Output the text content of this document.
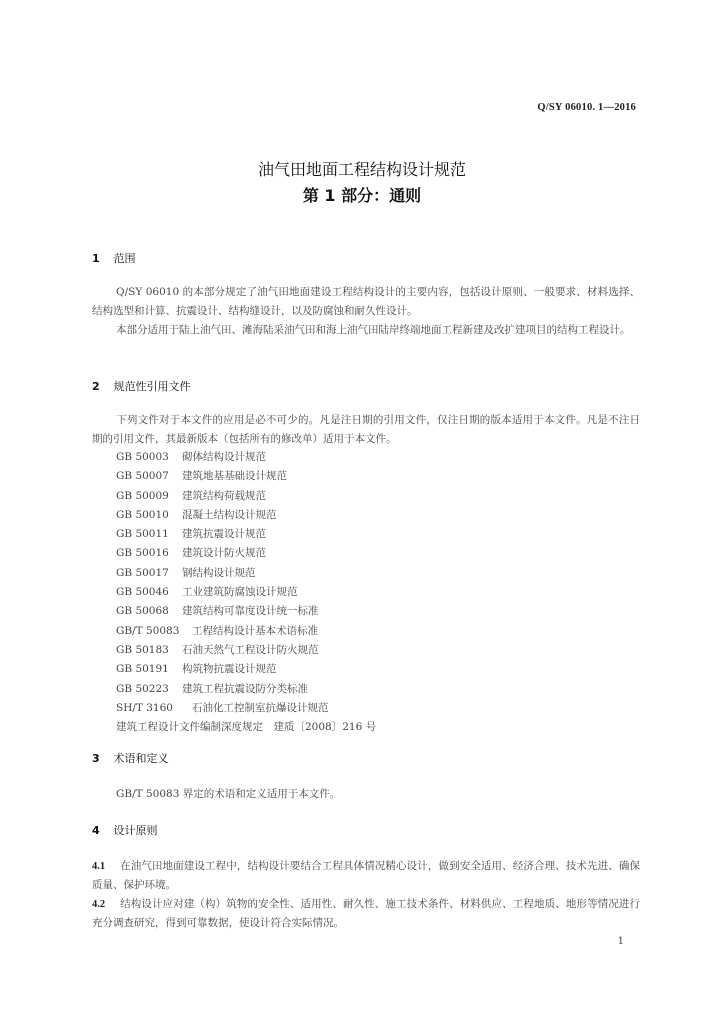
Q/SY 06010. 1—2016
油气田地面工程结构设计规范
第 1 部分：通则
1 范围
Q/SY 06010 的本部分规定了油气田地面建设工程结构设计的主要内容，包括设计原则、一般要求、材料选择、结构选型和计算、抗震设计、结构缝设计，以及防腐蚀和耐久性设计。
本部分适用于陆上油气田、滩海陆采油气田和海上油气田陆岸终端地面工程新建及改扩建项目的结构工程设计。
2 规范性引用文件
下列文件对于本文件的应用是必不可少的。凡是注日期的引用文件，仅注日期的版本适用于本文件。凡是不注日期的引用文件，其最新版本（包括所有的修改单）适用于本文件。
GB 50003 砌体结构设计规范
GB 50007 建筑地基基础设计规范
GB 50009 建筑结构荷载规范
GB 50010 混凝土结构设计规范
GB 50011 建筑抗震设计规范
GB 50016 建筑设计防火规范
GB 50017 钢结构设计规范
GB 50046 工业建筑防腐蚀设计规范
GB 50068 建筑结构可靠度设计统一标准
GB/T 50083 工程结构设计基本术语标准
GB 50183 石油天然气工程设计防火规范
GB 50191 构筑物抗震设计规范
GB 50223 建筑工程抗震设防分类标准
SH/T 3160 石油化工控制室抗爆设计规范
建筑工程设计文件编制深度规定　建质〔2008〕216 号
3 术语和定义
GB/T 50083 界定的术语和定义适用于本文件。
4 设计原则
4.1 在油气田地面建设工程中，结构设计要结合工程具体情况精心设计，做到安全适用、经济合理、技术先进、确保质量、保护环境。
4.2 结构设计应对建（构）筑物的安全性、适用性、耐久性、施工技术条件、材料供应、工程地质、地形等情况进行充分调查研究，得到可靠数据，使设计符合实际情况。
1
